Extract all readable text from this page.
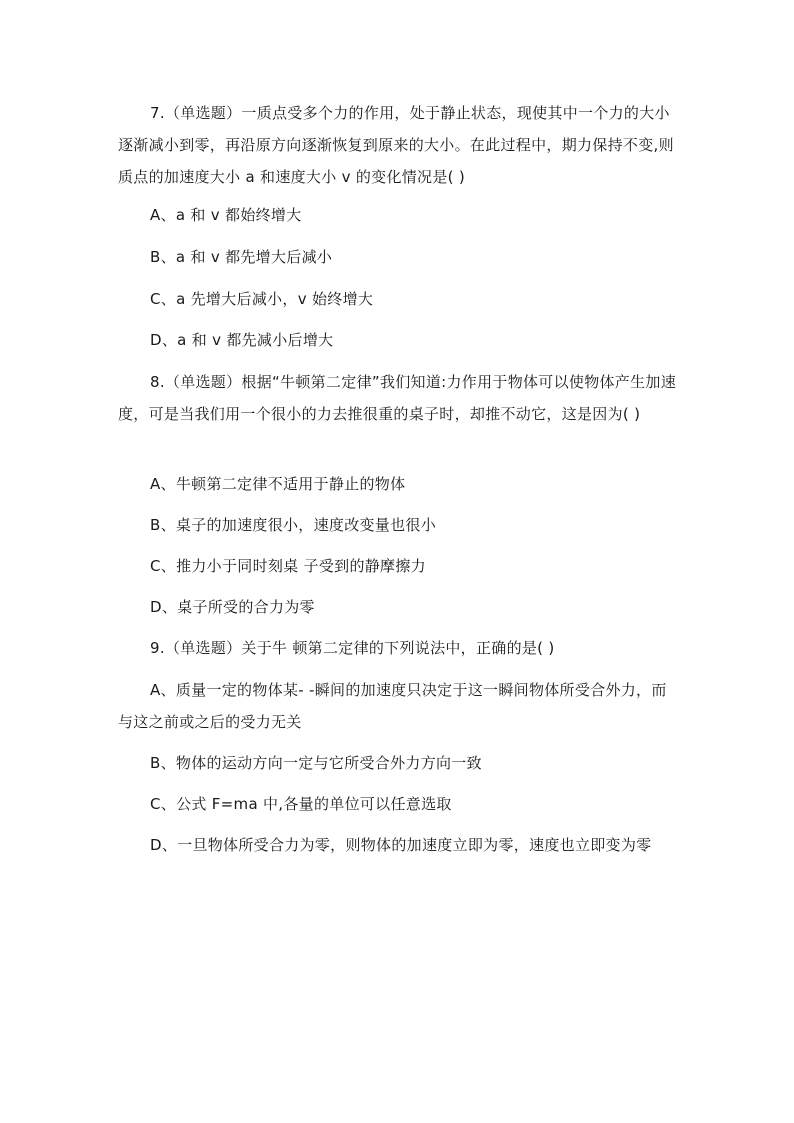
7.（单选题）一质点受多个力的作用，处于静止状态，现使其中一个力的大小逐渐减小到零，再沿原方向逐渐恢复到原来的大小。在此过程中，期力保持不变,则质点的加速度大小 a 和速度大小 v 的变化情况是( )

A、a 和 v 都始终增大

B、a 和 v 都先增大后减小

C、a 先增大后减小，v 始终增大

D、a 和 v 都先减小后增大

8.（单选题）根据“牛顿第二定律”我们知道:力作用于物体可以使物体产生加速度，可是当我们用一个很小的力去推很重的桌子时，却推不动它，这是因为( )

A、牛顿第二定律不适用于静止的物体

B、桌子的加速度很小，速度改变量也很小

C、推力小于同时刻桌 子受到的静摩擦力

D、桌子所受的合力为零

9.（单选题）关于牛 顿第二定律的下列说法中，正确的是( )

A、质量一定的物体某- -瞬间的加速度只决定于这一瞬间物体所受合外力，而与这之前或之后的受力无关

B、物体的运动方向一定与它所受合外力方向一致

C、公式 F=ma 中,各量的单位可以任意选取

D、一旦物体所受合力为零，则物体的加速度立即为零，速度也立即变为零
